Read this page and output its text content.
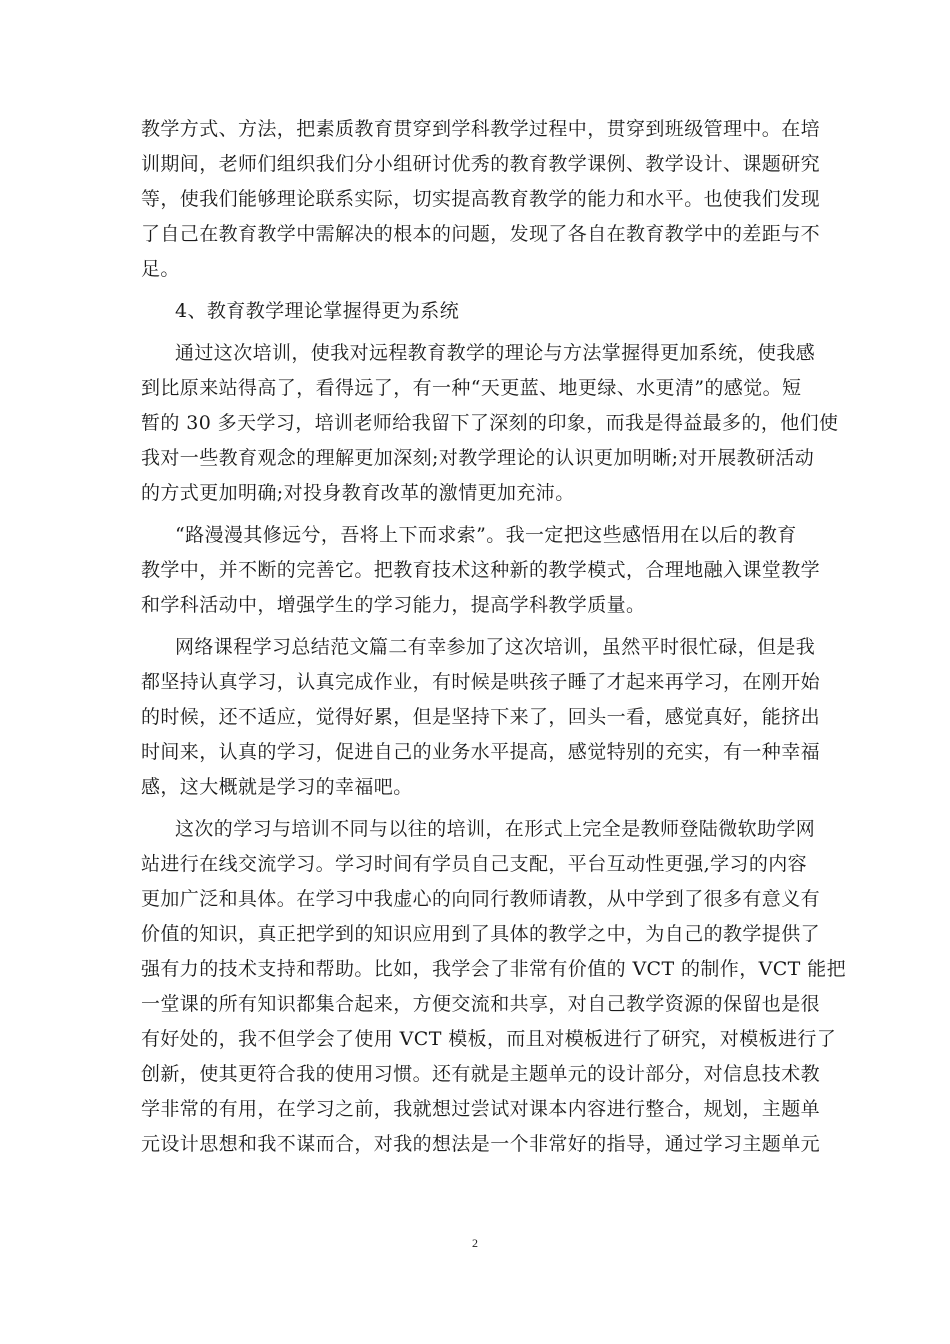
教学方式、方法，把素质教育贯穿到学科教学过程中，贯穿到班级管理中。在培
训期间，老师们组织我们分小组研讨优秀的教育教学课例、教学设计、课题研究
等，使我们能够理论联系实际，切实提高教育教学的能力和水平。也使我们发现
了自己在教育教学中需解决的根本的问题，发现了各自在教育教学中的差距与不
足。
4、教育教学理论掌握得更为系统
通过这次培训，使我对远程教育教学的理论与方法掌握得更加系统，使我感
到比原来站得高了，看得远了，有一种“天更蓝、地更绿、水更清”的感觉。短
暂的 30 多天学习，培训老师给我留下了深刻的印象，而我是得益最多的，他们使
我对一些教育观念的理解更加深刻;对教学理论的认识更加明晰;对开展教研活动
的方式更加明确;对投身教育改革的激情更加充沛。
“路漫漫其修远兮，吾将上下而求索”。我一定把这些感悟用在以后的教育
教学中，并不断的完善它。把教育技术这种新的教学模式，合理地融入课堂教学
和学科活动中，增强学生的学习能力，提高学科教学质量。
网络课程学习总结范文篇二有幸参加了这次培训，虽然平时很忙碌，但是我
都坚持认真学习，认真完成作业，有时候是哄孩子睡了才起来再学习，在刚开始
的时候，还不适应，觉得好累，但是坚持下来了，回头一看，感觉真好，能挤出
时间来，认真的学习，促进自己的业务水平提高，感觉特别的充实，有一种幸福
感，这大概就是学习的幸福吧。
这次的学习与培训不同与以往的培训，在形式上完全是教师登陆微软助学网
站进行在线交流学习。学习时间有学员自己支配，平台互动性更强,学习的内容
更加广泛和具体。在学习中我虚心的向同行教师请教，从中学到了很多有意义有
价值的知识，真正把学到的知识应用到了具体的教学之中，为自己的教学提供了
强有力的技术支持和帮助。比如，我学会了非常有价值的 VCT 的制作，VCT 能把
一堂课的所有知识都集合起来，方便交流和共享，对自己教学资源的保留也是很
有好处的，我不但学会了使用 VCT 模板，而且对模板进行了研究，对模板进行了
创新，使其更符合我的使用习惯。还有就是主题单元的设计部分，对信息技术教
学非常的有用，在学习之前，我就想过尝试对课本内容进行整合，规划，主题单
元设计思想和我不谋而合，对我的想法是一个非常好的指导，通过学习主题单元
2
